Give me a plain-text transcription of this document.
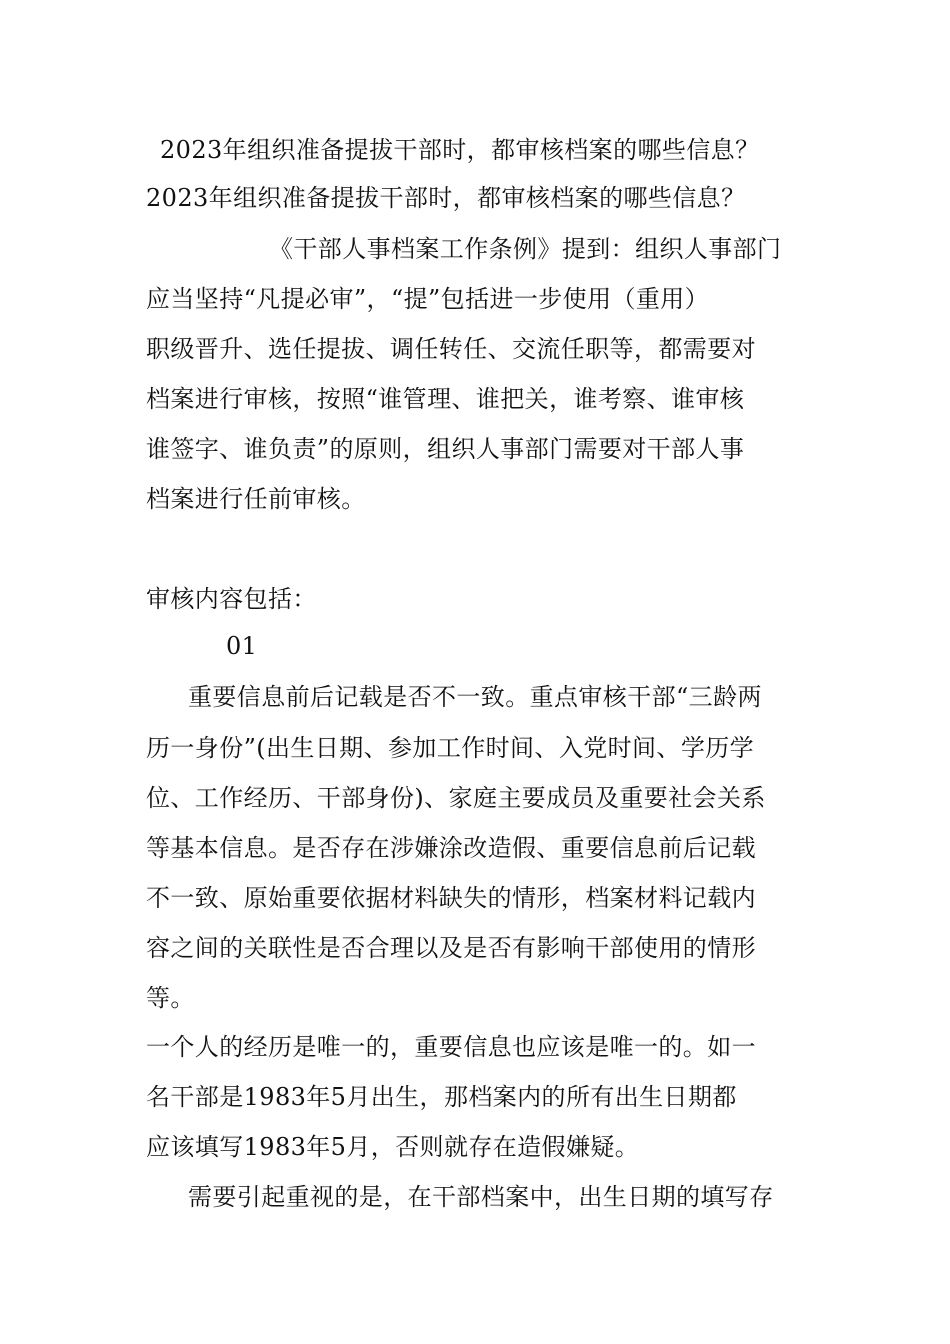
2023年组织准备提拔干部时，都审核档案的哪些信息？
2023年组织准备提拔干部时，都审核档案的哪些信息？
《干部人事档案工作条例》提到：组织人事部门
应当坚持“凡提必审”，“提”包括进一步使用（重用）
职级晋升、选任提拔、调任转任、交流任职等，都需要对
档案进行审核，按照“谁管理、谁把关，谁考察、谁审核
谁签字、谁负责”的原则，组织人事部门需要对干部人事
档案进行任前审核。
审核内容包括：
01
重要信息前后记载是否不一致。重点审核干部“三龄两
历一身份”(出生日期、参加工作时间、入党时间、学历学
位、工作经历、干部身份)、家庭主要成员及重要社会关系
等基本信息。是否存在涉嫌涂改造假、重要信息前后记载
不一致、原始重要依据材料缺失的情形，档案材料记载内
容之间的关联性是否合理以及是否有影响干部使用的情形
等。
一个人的经历是唯一的，重要信息也应该是唯一的。如一
名干部是1983年5月出生，那档案内的所有出生日期都
应该填写1983年5月，否则就存在造假嫌疑。
需要引起重视的是，在干部档案中，出生日期的填写存
